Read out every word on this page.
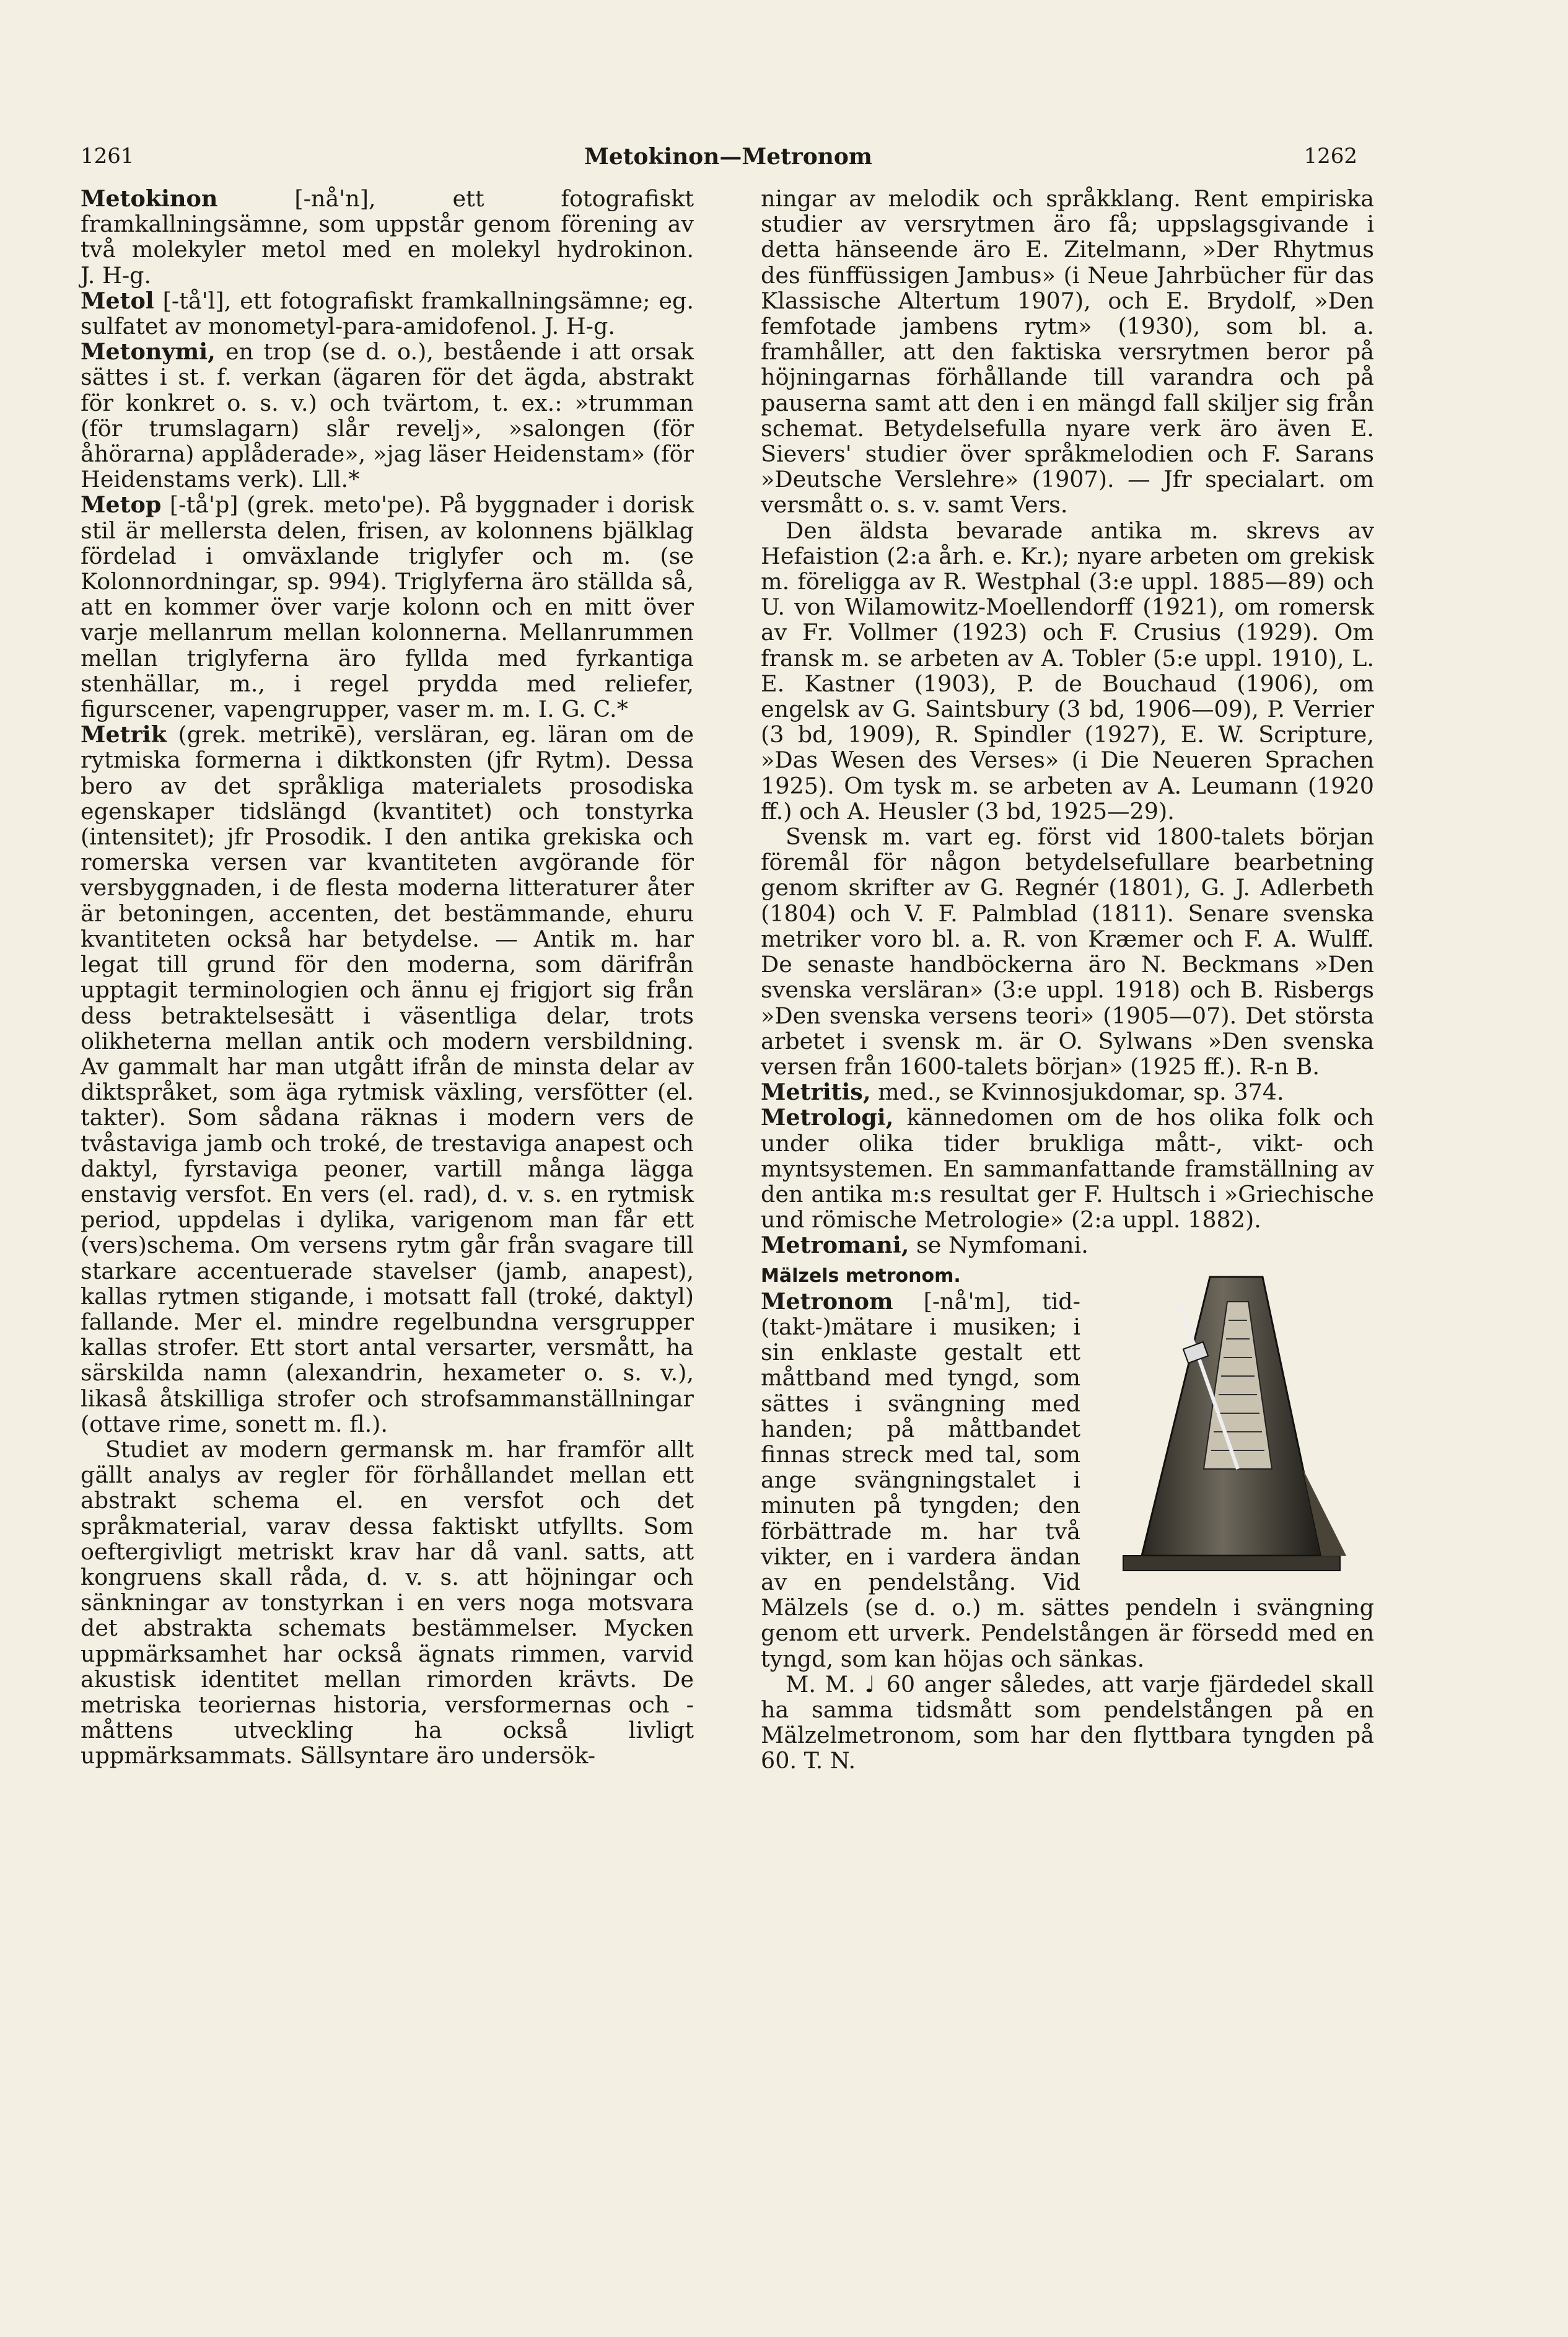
1261	Metokinon—Metronom	1262

Metokinon [-nå'n], ett fotografiskt framkallningsämne, som uppstår genom förening av två molekyler metol med en molekyl hydrokinon. J. H-g.

Metol [-tå'l], ett fotografiskt framkallningsämne; eg. sulfatet av monometyl-para-amidofenol. J. H-g.

Metonymi, en trop (se d. o.), bestående i att orsak sättes i st. f. verkan (ägaren för det ägda, abstrakt för konkret o. s. v.) och tvärtom, t. ex.: »trumman (för trumslagarn) slår revelj», »salongen (för åhörarna) applåderade», »jag läser Heidenstam» (för Heidenstams verk). Lll.*

Metop [-tå'p] (grek. meto'pe). På byggnader i dorisk stil är mellersta delen, frisen, av kolonnens bjälklag fördelad i omväxlande triglyfer och m. (se Kolonnordningar, sp. 994). Triglyferna äro ställda så, att en kommer över varje kolonn och en mitt över varje mellanrum mellan kolonnerna. Mellanrummen mellan triglyferna äro fyllda med fyrkantiga stenhällar, m., i regel prydda med reliefer, figurscener, vapengrupper, vaser m. m. I. G. C.*

Metrik (grek. metrikē), versläran, eg. läran om de rytmiska formerna i diktkonsten (jfr Rytm). Dessa bero av det språkliga materialets prosodiska egenskaper tidslängd (kvantitet) och tonstyrka (intensitet); jfr Prosodik. I den antika grekiska och romerska versen var kvantiteten avgörande för versbyggnaden, i de flesta moderna litteraturer åter är betoningen, accenten, det bestämmande, ehuru kvantiteten också har betydelse. — Antik m. har legat till grund för den moderna, som därifrån upptagit terminologien och ännu ej frigjort sig från dess betraktelsesätt i väsentliga delar, trots olikheterna mellan antik och modern versbildning. Av gammalt har man utgått ifrån de minsta delar av diktspråket, som äga rytmisk växling, versfötter (el. takter). Som sådana räknas i modern vers de tvåstaviga jamb och troké, de trestaviga anapest och daktyl, fyrstaviga peoner, vartill många lägga enstavig versfot. En vers (el. rad), d. v. s. en rytmisk period, uppdelas i dylika, varigenom man får ett (vers)schema. Om versens rytm går från svagare till starkare accentuerade stavelser (jamb, anapest), kallas rytmen stigande, i motsatt fall (troké, daktyl) fallande. Mer el. mindre regelbundna versgrupper kallas strofer. Ett stort antal versarter, versmått, ha särskilda namn (alexandrin, hexameter o. s. v.), likaså åtskilliga strofer och strofsammanställningar (ottave rime, sonett m. fl.).

Studiet av modern germansk m. har framför allt gällt analys av regler för förhållandet mellan ett abstrakt schema el. en versfot och det språkmaterial, varav dessa faktiskt utfyllts. Som oeftergivligt metriskt krav har då vanl. satts, att kongruens skall råda, d. v. s. att höjningar och sänkningar av tonstyrkan i en vers noga motsvara det abstrakta schemats bestämmelser. Mycken uppmärksamhet har också ägnats rimmen, varvid akustisk identitet mellan rimorden krävts. De metriska teoriernas historia, versformernas och -måttens utveckling ha också livligt uppmärksammats. Sällsyntare äro undersök-

ningar av melodik och språkklang. Rent empiriska studier av versrytmen äro få; uppslagsgivande i detta hänseende äro E. Zitelmann, »Der Rhytmus des fünffüssigen Jambus» (i Neue Jahrbücher für das Klassische Altertum 1907), och E. Brydolf, »Den femfotade jambens rytm» (1930), som bl. a. framhåller, att den faktiska versrytmen beror på höjningarnas förhållande till varandra och på pauserna samt att den i en mängd fall skiljer sig från schemat. Betydelsefulla nyare verk äro även E. Sievers' studier över språkmelodien och F. Sarans »Deutsche Verslehre» (1907). — Jfr specialart. om versmått o. s. v. samt Vers.

Den äldsta bevarade antika m. skrevs av Hefaistion (2:a årh. e. Kr.); nyare arbeten om grekisk m. föreligga av R. Westphal (3:e uppl. 1885—89) och U. von Wilamowitz-Moellendorff (1921), om romersk av Fr. Vollmer (1923) och F. Crusius (1929). Om fransk m. se arbeten av A. Tobler (5:e uppl. 1910), L. E. Kastner (1903), P. de Bouchaud (1906), om engelsk av G. Saintsbury (3 bd, 1906—09), P. Verrier (3 bd, 1909), R. Spindler (1927), E. W. Scripture, »Das Wesen des Verses» (i Die Neueren Sprachen 1925). Om tysk m. se arbeten av A. Leumann (1920 ff.) och A. Heusler (3 bd, 1925—29).

Svensk m. vart eg. först vid 1800-talets början föremål för någon betydelsefullare bearbetning genom skrifter av G. Regnér (1801), G. J. Adlerbeth (1804) och V. F. Palmblad (1811). Senare svenska metriker voro bl. a. R. von Kræmer och F. A. Wulff. De senaste handböckerna äro N. Beckmans »Den svenska versläran» (3:e uppl. 1918) och B. Risbergs »Den svenska versens teori» (1905—07). Det största arbetet i svensk m. är O. Sylwans »Den svenska versen från 1600-talets början» (1925 ff.). R-n B.

Metritis, med., se Kvinnosjukdomar, sp. 374.

Metrologi, kännedomen om de hos olika folk och under olika tider brukliga mått-, vikt- och myntsystemen. En sammanfattande framställning av den antika m:s resultat ger F. Hultsch i »Griechische und römische Metrologie» (2:a uppl. 1882).

Metromani, se Nymfomani.

Mälzels metronom.
Metronom [-nå'm], tid-(takt-)mätare i musiken; i sin enklaste gestalt ett måttband med tyngd, som sättes i svängning med handen; på måttbandet finnas streck med tal, som ange svängningstalet i minuten på tyngden; den förbättrade m. har två vikter, en i vardera ändan av en pendelstång. Vid Mälzels (se d. o.) m. sättes pendeln i svängning genom ett urverk. Pendelstången är försedd med en tyngd, som kan höjas och sänkas.

M. M. ♩ 60 anger således, att varje fjärdedel skall ha samma tidsmått som pendelstången på en Mälzelmetronom, som har den flyttbara tyngden på 60. T. N.
